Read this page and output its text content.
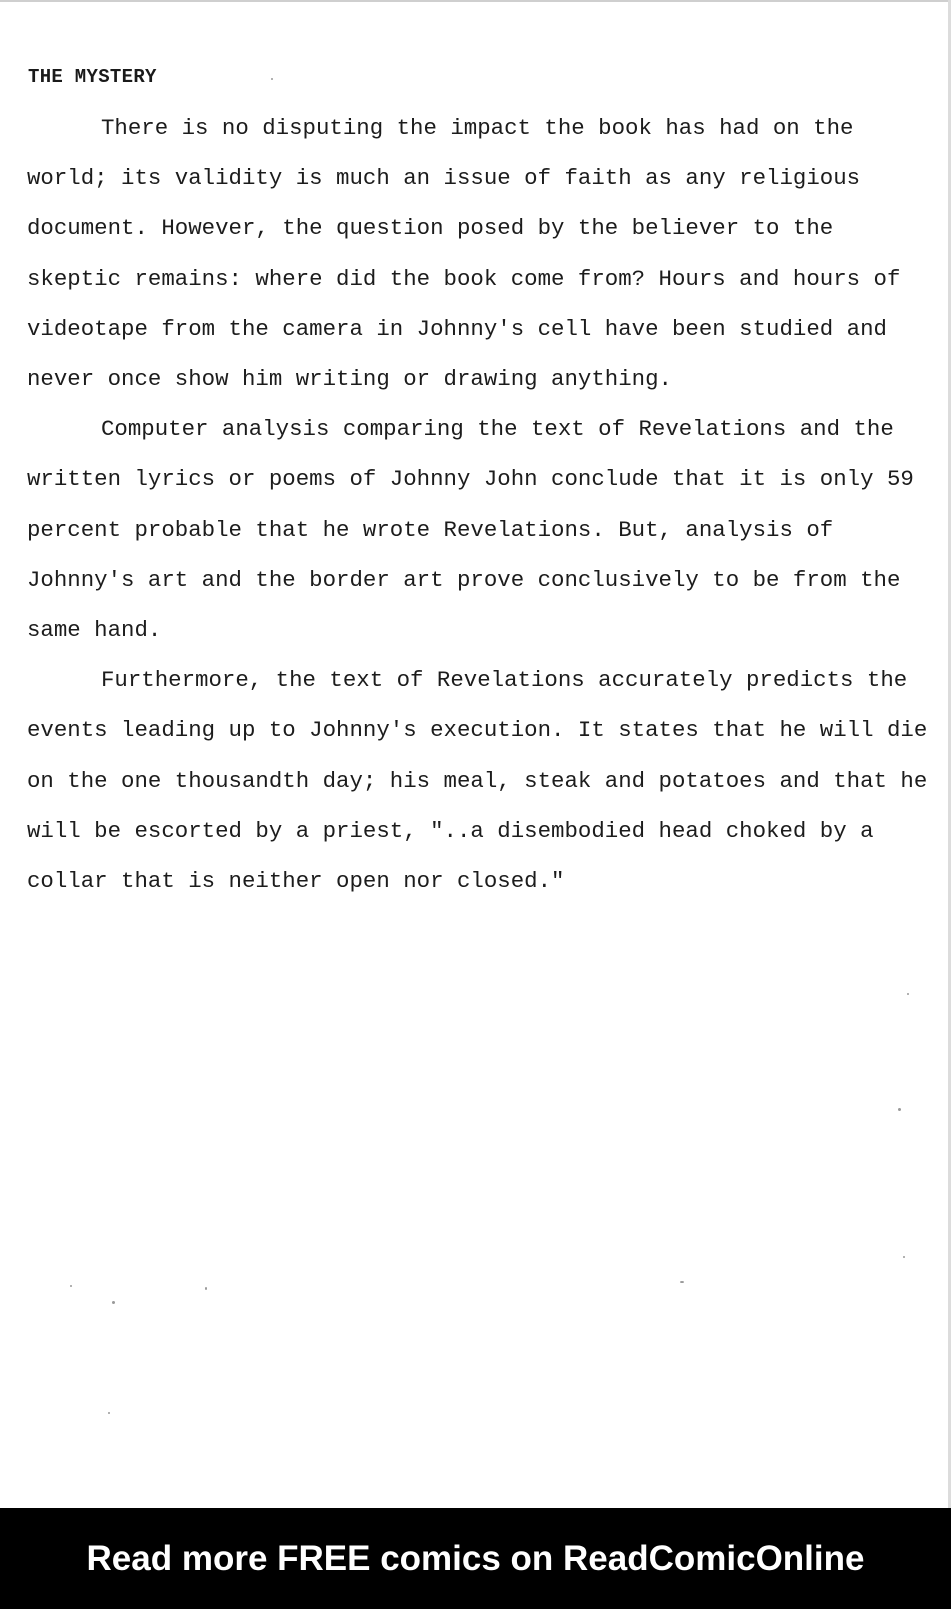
THE MYSTERY

There is no disputing the impact the book has had on the world; its validity is much an issue of faith as any religious document. However, the question posed by the believer to the skeptic remains: where did the book come from? Hours and hours of videotape from the camera in Johnny's cell have been studied and never once show him writing or drawing anything.

Computer analysis comparing the text of Revelations and the written lyrics or poems of Johnny John conclude that it is only 59 percent probable that he wrote Revelations. But, analysis of Johnny's art and the border art prove conclusively to be from the same hand.

Furthermore, the text of Revelations accurately predicts the events leading up to Johnny's execution. It states that he will die on the one thousandth day; his meal, steak and potatoes and that he will be escorted by a priest, "..a disembodied head choked by a collar that is neither open nor closed."

Read more FREE comics on ReadComicOnline
